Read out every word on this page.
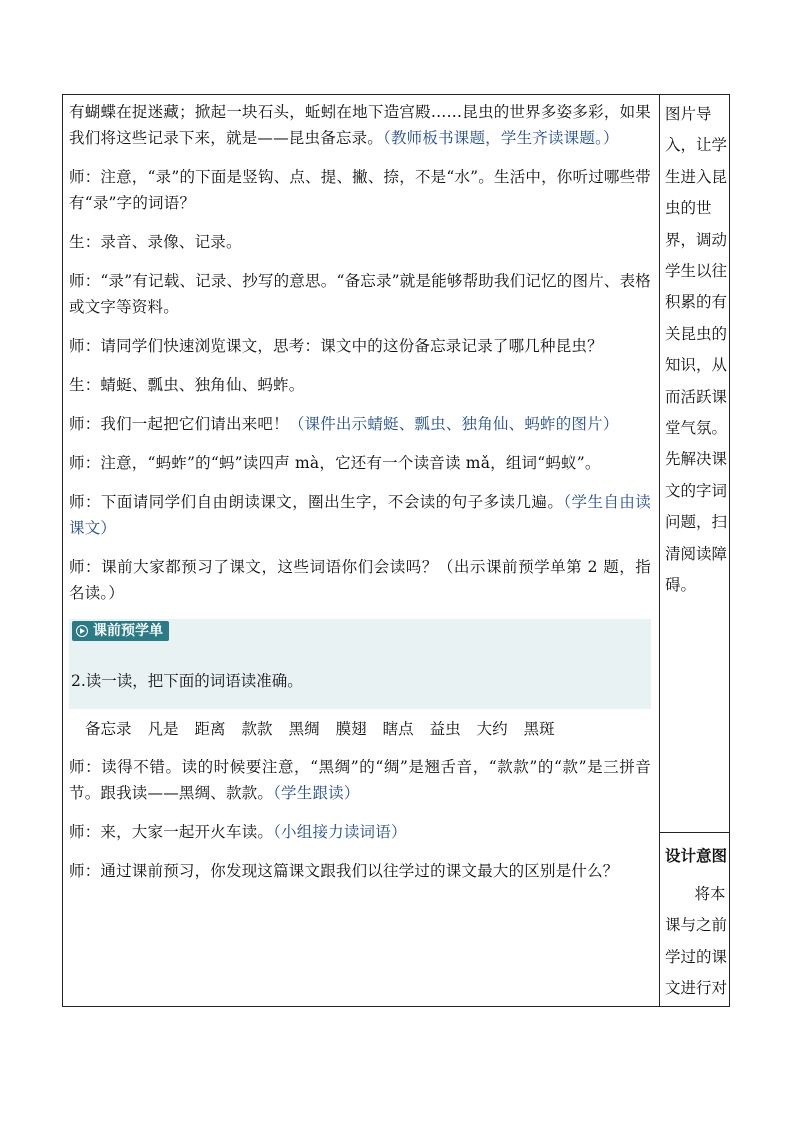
有蝴蝶在捉迷藏；掀起一块石头，蚯蚓在地下造宫殿……昆虫的世界多姿多彩，如果我们将这些记录下来，就是——昆虫备忘录。（教师板书课题，学生齐读课题。）

师：注意，“录”的下面是竖钩、点、提、撇、捺，不是“水”。生活中，你听过哪些带有“录”字的词语？

生：录音、录像、记录。

师：“录”有记载、记录、抄写的意思。“备忘录”就是能够帮助我们记忆的图片、表格或文字等资料。

师：请同学们快速浏览课文，思考：课文中的这份备忘录记录了哪几种昆虫？

生：蜻蜓、瓢虫、独角仙、蚂蚱。

师：我们一起把它们请出来吧！（课件出示蜻蜓、瓢虫、独角仙、蚂蚱的图片）

师：注意，“蚂蚱”的“蚂”读四声 mà，它还有一个读音读 mǎ，组词“蚂蚁”。

师：下面请同学们自由朗读课文，圈出生字，不会读的句子多读几遍。（学生自由读课文）

师：课前大家都预习了课文，这些词语你们会读吗？（出示课前预学单第 2 题，指名读。）

课前预学单
2.读一读，把下面的词语读准确。
备忘录 凡是 距离 款款 黑绸 膜翅 瞎点 益虫 大约 黑斑

师：读得不错。读的时候要注意，“黑绸”的“绸”是翘舌音，“款款”的“款”是三拼音节。跟我读——黑绸、款款。（学生跟读）

师：来，大家一起开火车读。（小组接力读词语）

师：通过课前预习，你发现这篇课文跟我们以往学过的课文最大的区别是什么？

图片导入，让学生进入昆虫的世界，调动学生以往积累的有关昆虫的知识，从而活跃课堂气氛。先解决课文的字词问题，扫清阅读障碍。
设计意图
将本课与之前学过的课文进行对
